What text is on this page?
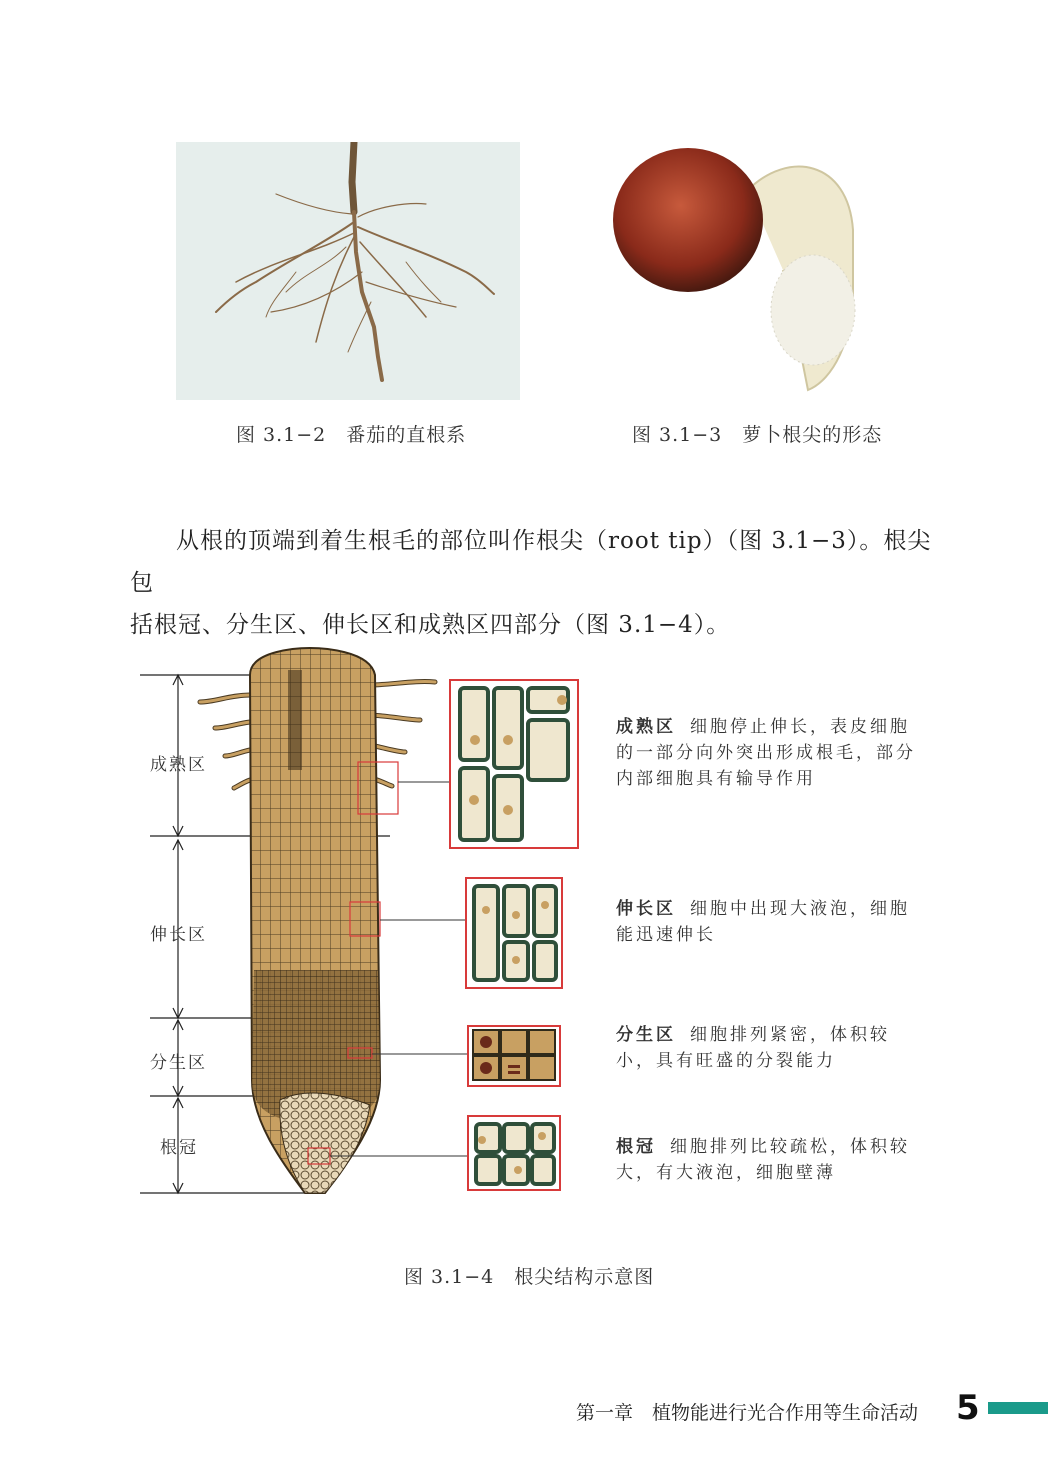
图 3.1−2　番茄的直根系	图 3.1−3　萝卜根尖的形态

从根的顶端到着生根毛的部位叫作根尖（root tip）（图 3.1−3）。根尖包

括根冠、分生区、伸长区和成熟区四部分（图 3.1−4）。

成熟区
伸长区
分生区
根冠
成熟区 细胞停止伸长，表皮细胞的一部分向外突出形成根毛，部分内部细胞具有输导作用
伸长区 细胞中出现大液泡，细胞能迅速伸长
分生区 细胞排列紧密，体积较小，具有旺盛的分裂能力
根冠 细胞排列比较疏松，体积较大，有大液泡，细胞壁薄
图 3.1−4　根尖结构示意图
第一章　植物能进行光合作用等生命活动 5
